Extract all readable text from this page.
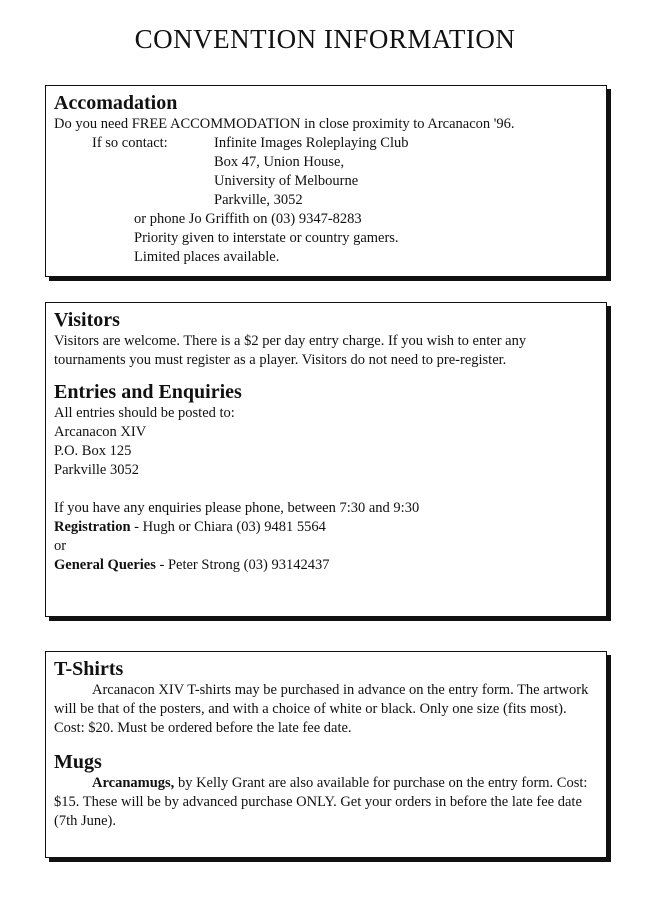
CONVENTION INFORMATION
Accomadation

Do you need FREE ACCOMMODATION in close proximity to Arcanacon '96.

If so contact:	Infinite Images Roleplaying Club
Box 47, Union House,
University of Melbourne
Parkville, 3052

or phone Jo Griffith on (03) 9347-8283

Priority given to interstate or country gamers.

Limited places available.

Visitors

Visitors are welcome. There is a $2 per day entry charge. If you wish to enter any tournaments you must register as a player. Visitors do not need to pre-register.

Entries and Enquiries

All entries should be posted to:

Arcanacon XIV

P.O. Box 125

Parkville 3052

If you have any enquiries please phone, between 7:30 and 9:30

Registration - Hugh or Chiara (03) 9481 5564

or

General Queries - Peter Strong (03) 93142437

T-Shirts

Arcanacon XIV T-shirts may be purchased in advance on the entry form. The artwork will be that of the posters, and with a choice of white or black. Only one size (fits most). Cost: $20. Must be ordered before the late fee date.

Mugs

Arcanamugs, by Kelly Grant are also available for purchase on the entry form. Cost: $15. These will be by advanced purchase ONLY. Get your orders in before the late fee date (7th June).
